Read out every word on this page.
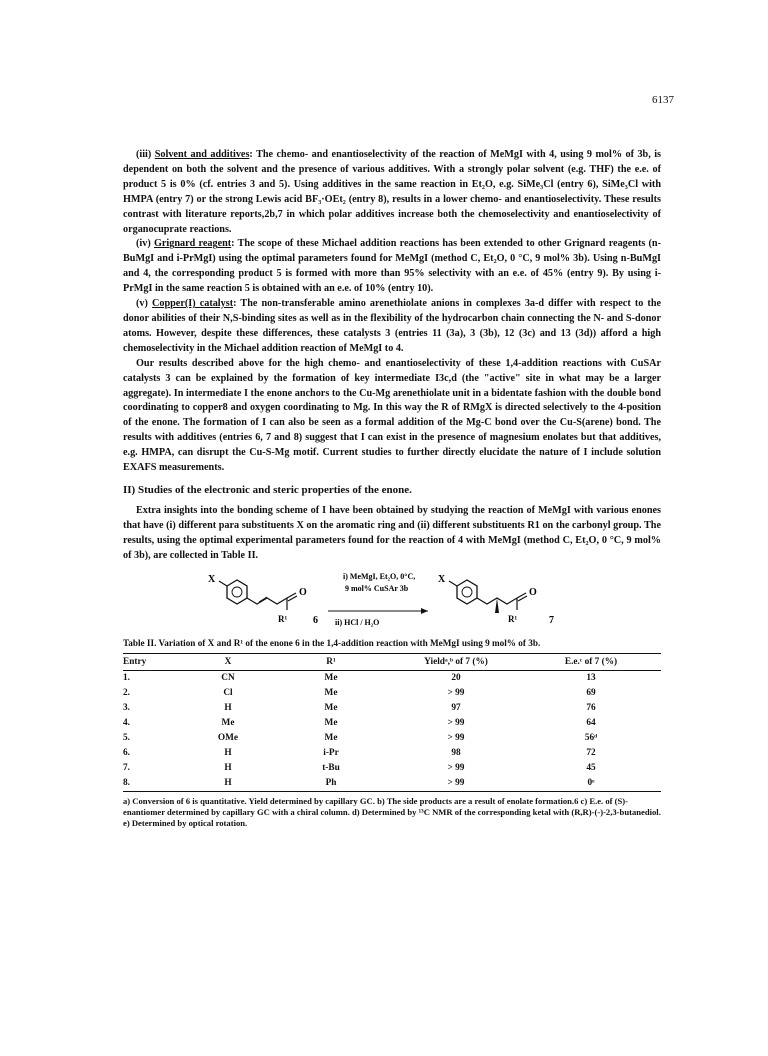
6137

(iii) Solvent and additives: The chemo- and enantioselectivity of the reaction of MeMgI with 4, using 9 mol% of 3b, is dependent on both the solvent and the presence of various additives. With a strongly polar solvent (e.g. THF) the e.e. of product 5 is 0% (cf. entries 3 and 5). Using additives in the same reaction in Et₂O, e.g. SiMe₃Cl (entry 6), SiMe₃Cl with HMPA (entry 7) or the strong Lewis acid BF₃·OEt₂ (entry 8), results in a lower chemo- and enantioselectivity. These results contrast with literature reports,2b,7 in which polar additives increase both the chemoselectivity and enantioselectivity of organocuprate reactions.

(iv) Grignard reagent: The scope of these Michael addition reactions has been extended to other Grignard reagents (n-BuMgI and i-PrMgI) using the optimal parameters found for MeMgI (method C, Et₂O, 0 °C, 9 mol% 3b). Using n-BuMgI and 4, the corresponding product 5 is formed with more than 95% selectivity with an e.e. of 45% (entry 9). By using i-PrMgI in the same reaction 5 is obtained with an e.e. of 10% (entry 10).

(v) Copper(I) catalyst: The non-transferable amino arenethiolate anions in complexes 3a-d differ with respect to the donor abilities of their N,S-binding sites as well as in the flexibility of the hydrocarbon chain connecting the N- and S-donor atoms. However, despite these differences, these catalysts 3 (entries 11 (3a), 3 (3b), 12 (3c) and 13 (3d)) afford a high chemoselectivity in the Michael addition reaction of MeMgI to 4.

Our results described above for the high chemo- and enantioselectivity of these 1,4-addition reactions with CuSAr catalysts 3 can be explained by the formation of key intermediate I3c,d (the "active" site in what may be a larger aggregate). In intermediate I the enone anchors to the Cu-Mg arenethiolate unit in a bidentate fashion with the double bond coordinating to copper8 and oxygen coordinating to Mg. In this way the R of RMgX is directed selectively to the 4-position of the enone. The formation of I can also be seen as a formal addition of the Mg-C bond over the Cu-S(arene) bond. The results with additives (entries 6, 7 and 8) suggest that I can exist in the presence of magnesium enolates but that additives, e.g. HMPA, can disrupt the Cu-S-Mg motif. Current studies to further directly elucidate the nature of I include solution EXAFS measurements.

II) Studies of the electronic and steric properties of the enone.

Extra insights into the bonding scheme of I have been obtained by studying the reaction of MeMgI with various enones that have (i) different para substituents X on the aromatic ring and (ii) different substituents R1 on the carbonyl group. The results, using the optimal experimental parameters found for the reaction of 4 with MeMgI (method C, Et₂O, 0 °C, 9 mol% of 3b), are collected in Table II.

X
O
R¹	6
i) MeMgI, Et₂O, 0°C,
9 mol% CuSAr 3b
ii) HCl / H₂O
X
O
R¹	7
Table II. Variation of X and R¹ of the enone 6 in the 1,4-addition reaction with MeMgI using 9 mol% of 3b.
Entry	X	R¹	Yieldᵃ,ᵇ of 7 (%)	E.e.ᶜ of 7 (%)
1.	CN	Me	20	13
2.	Cl	Me	> 99	69
3.	H	Me	97	76
4.	Me	Me	> 99	64
5.	OMe	Me	> 99	56ᵈ
6.	H	i-Pr	98	72
7.	H	t-Bu	> 99	45
8.	H	Ph	> 99	0ᵉ
a) Conversion of 6 is quantitative. Yield determined by capillary GC. b) The side products are a result of enolate formation.6 c) E.e. of (S)-enantiomer determined by capillary GC with a chiral column. d) Determined by ¹³C NMR of the corresponding ketal with (R,R)-(-)-2,3-butanediol. e) Determined by optical rotation.
